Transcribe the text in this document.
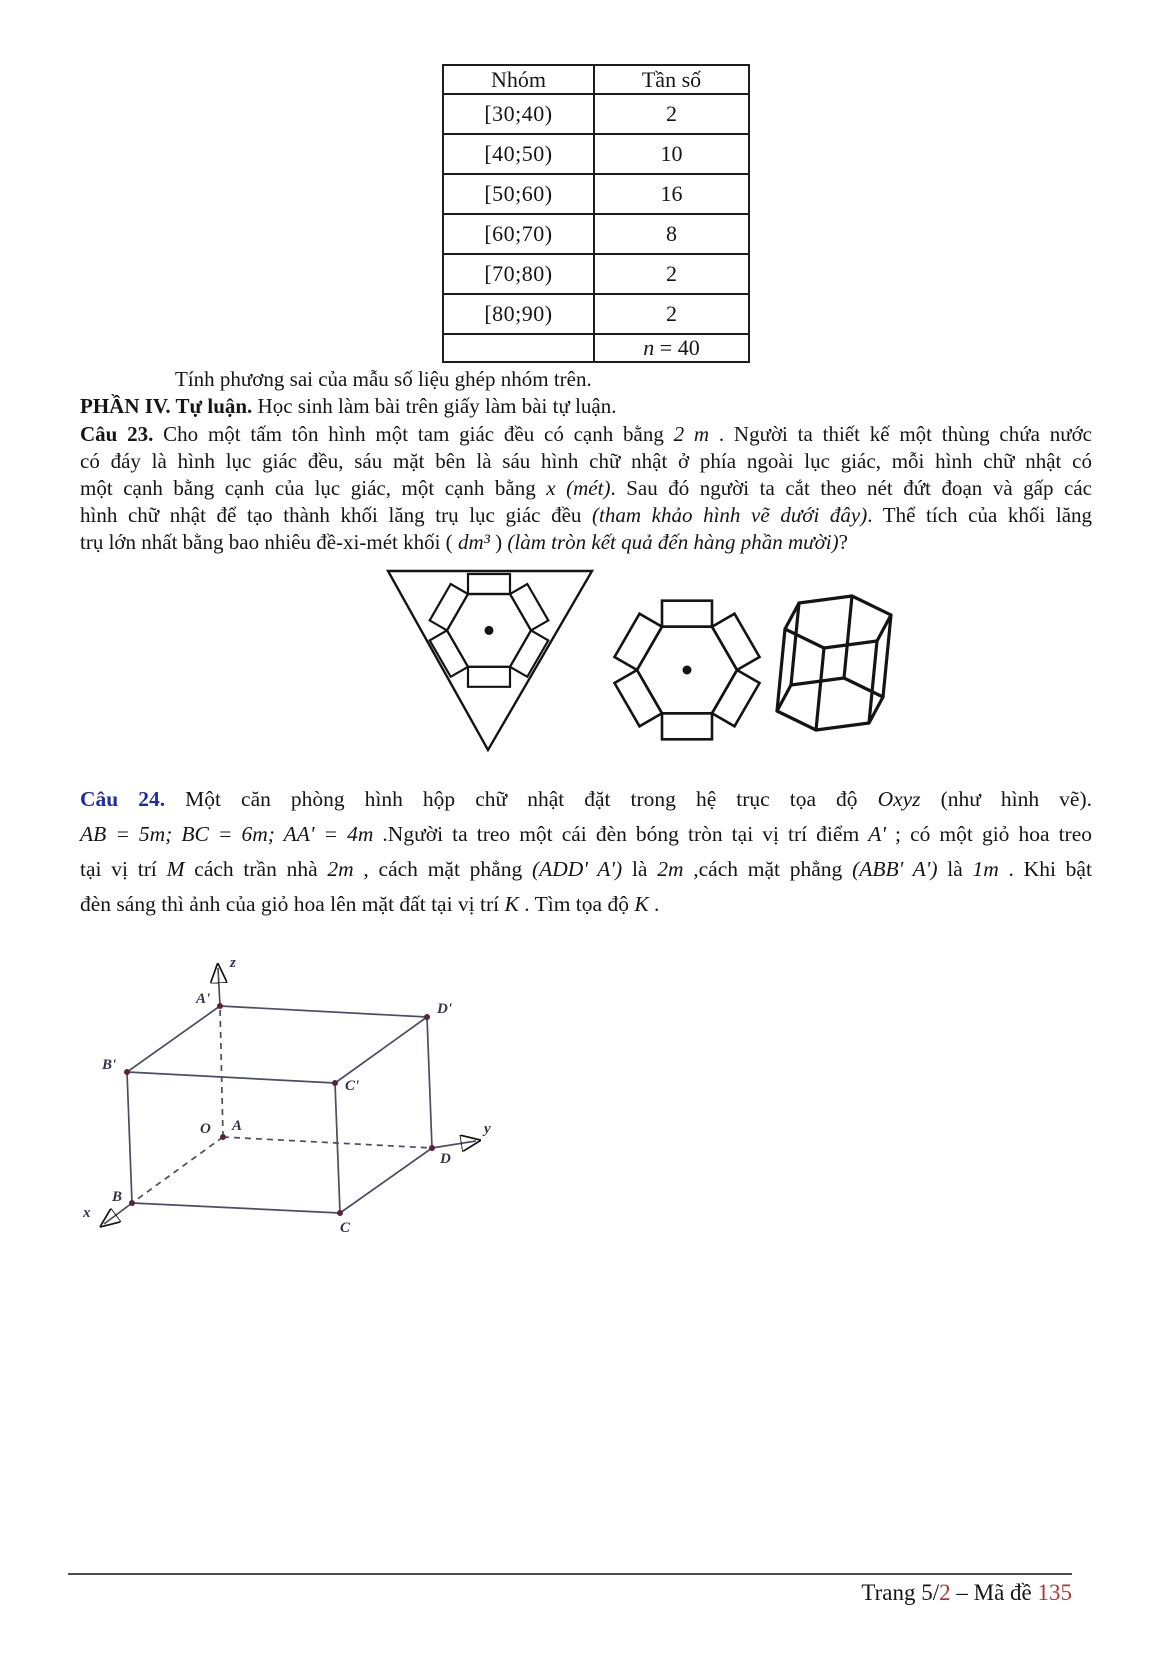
Nhóm	Tần số
[30;40)	2
[40;50)	10
[50;60)	16
[60;70)	8
[70;80)	2
[80;90)	2
	n = 40
Tính phương sai của mẫu số liệu ghép nhóm trên.
PHẦN IV. Tự luận. Học sinh làm bài trên giấy làm bài tự luận.
Câu 23. Cho một tấm tôn hình một tam giác đều có cạnh bằng 2 m . Người ta thiết kế một thùng chứa nước
có đáy là hình lục giác đều, sáu mặt bên là sáu hình chữ nhật ở phía ngoài lục giác, mỗi hình chữ nhật có
một cạnh bằng cạnh của lục giác, một cạnh bằng x (mét). Sau đó người ta cắt theo nét đứt đoạn và gấp các
hình chữ nhật để tạo thành khối lăng trụ lục giác đều (tham khảo hình vẽ dưới đây). Thể tích của khối lăng
trụ lớn nhất bằng bao nhiêu đề-xi-mét khối ( dm³ ) (làm tròn kết quả đến hàng phần mười)?
Câu 24. Một căn phòng hình hộp chữ nhật đặt trong hệ trục tọa độ Oxyz (như hình vẽ).
AB = 5m; BC = 6m; AA' = 4m .Người ta treo một cái đèn bóng tròn tại vị trí điểm A' ; có một giỏ hoa treo
tại vị trí M cách trần nhà 2m , cách mặt phẳng (ADD' A') là 2m ,cách mặt phẳng (ABB' A') là 1m . Khi bật
đèn sáng thì ảnh của giỏ hoa lên mặt đất tại vị trí K . Tìm tọa độ K .
A'
D'
B'
C'
O A
D
B
C
x
y
z
Trang 5/2 – Mã đề 135
